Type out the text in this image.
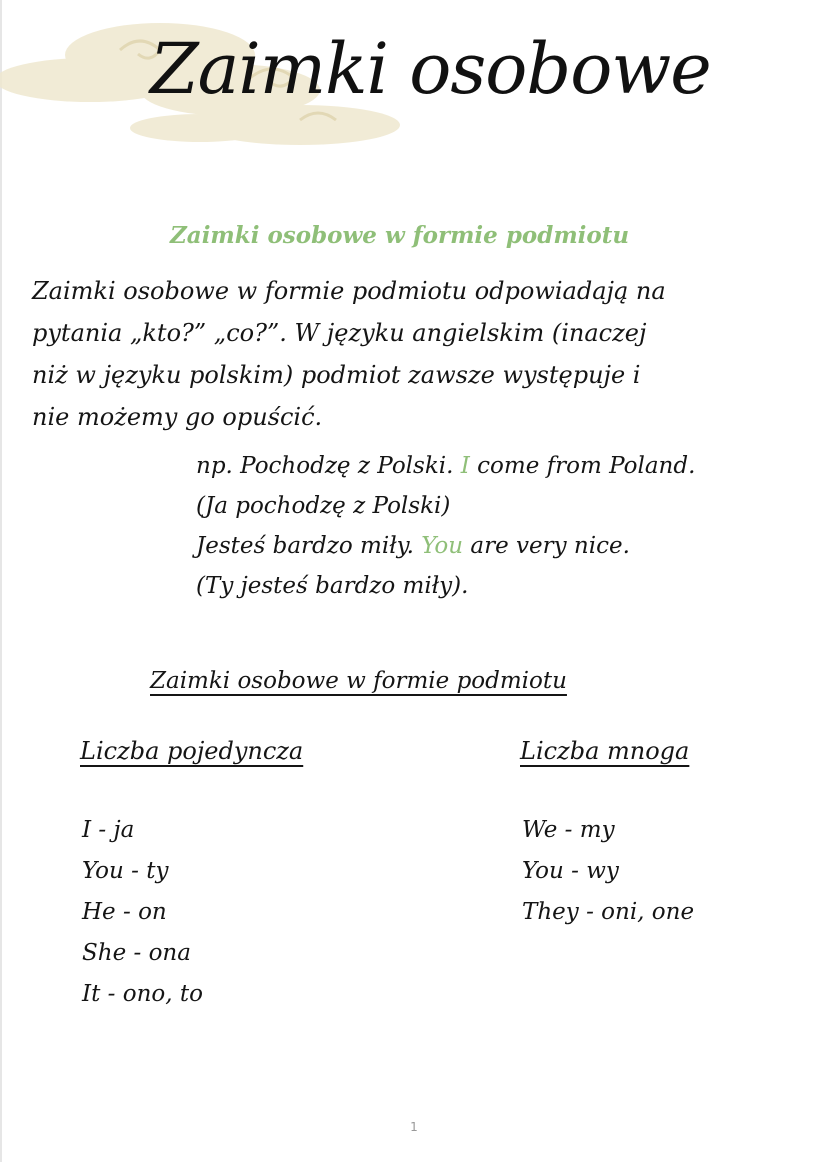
Zaimki osobowe
Zaimki osobowe w formie podmiotu

Zaimki osobowe w formie podmiotu odpowiadają na

pytania „kto?” „co?”. W języku angielskim (inaczej

niż w języku polskim) podmiot zawsze występuje i

nie możemy go opuścić.

np. Pochodzę z Polski. I come from Poland.

(Ja pochodzę z Polski)

Jesteś bardzo miły. You are very nice.

(Ty jesteś bardzo miły).

Zaimki osobowe w formie podmiotu
Liczba pojedyncza	Liczba mnoga
I - ja
You - ty
He - on
She - ona
It - ono, to
We - my
You - wy
They - oni, one
1
